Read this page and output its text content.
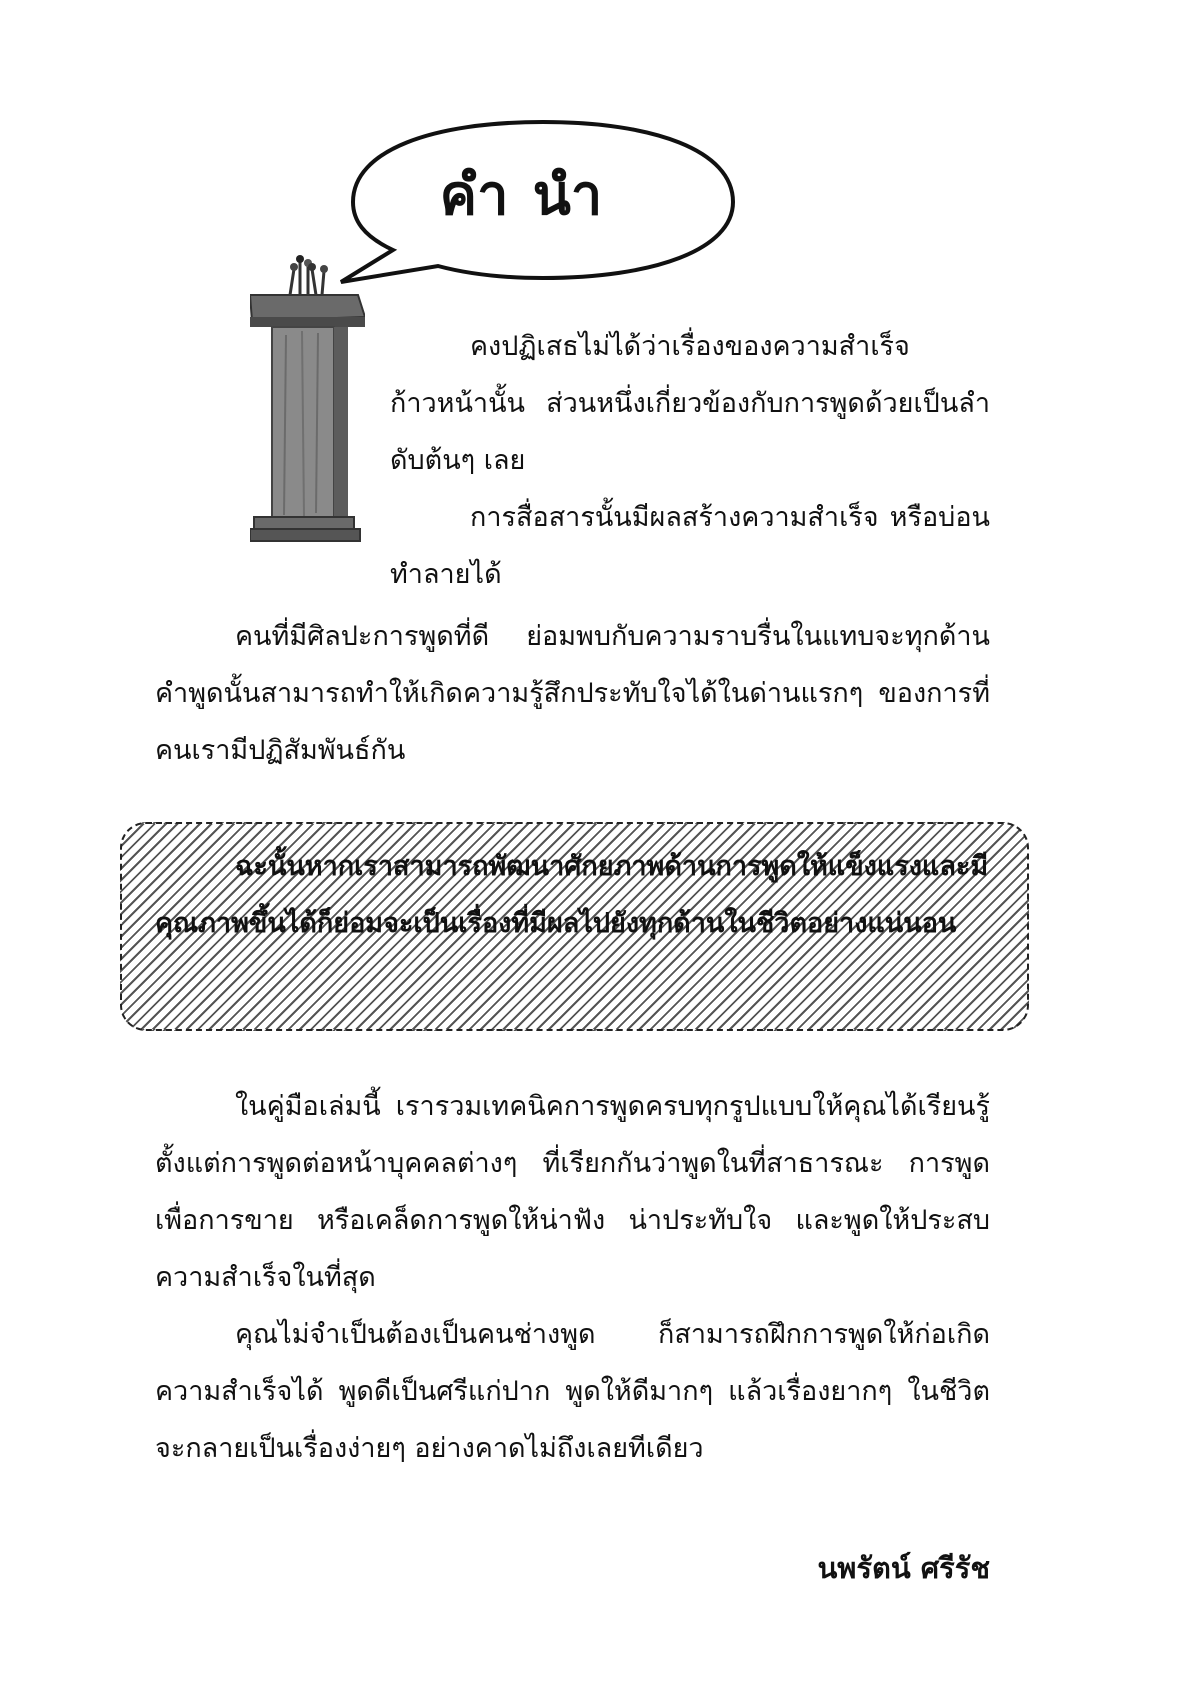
คำนำ

คงปฏิเสธไม่ได้ว่าเรื่องของความสำเร็จก้าวหน้านั้น ส่วนหนึ่งเกี่ยวข้องกับการพูดด้วยเป็นลำดับต้นๆ เลย

การสื่อสารนั้นมีผลสร้างความสำเร็จ หรือบ่อนทำลายได้

คนที่มีศิลปะการพูดที่ดี ย่อมพบกับความราบรื่นในแทบจะทุกด้าน คำพูดนั้นสามารถทำให้เกิดความรู้สึกประทับใจได้ในด่านแรกๆ ของการที่คนเรามีปฏิสัมพันธ์กัน

ฉะนั้นหากเราสามารถพัฒนาศักยภาพด้านการพูดให้แข็งแรงและมีคุณภาพขึ้นได้ก็ย่อมจะเป็นเรื่องที่มีผลไปยังทุกด้านในชีวิตอย่างแน่นอน

ในคู่มือเล่มนี้ เรารวมเทคนิคการพูดครบทุกรูปแบบให้คุณได้เรียนรู้ตั้งแต่การพูดต่อหน้าบุคคลต่างๆ ที่เรียกกันว่าพูดในที่สาธารณะ การพูดเพื่อการขาย หรือเคล็ดการพูดให้น่าฟัง น่าประทับใจ และพูดให้ประสบความสำเร็จในที่สุด

คุณไม่จำเป็นต้องเป็นคนช่างพูด ก็สามารถฝึกการพูดให้ก่อเกิดความสำเร็จได้ พูดดีเป็นศรีแก่ปาก พูดให้ดีมากๆ แล้วเรื่องยากๆ ในชีวิตจะกลายเป็นเรื่องง่ายๆ อย่างคาดไม่ถึงเลยทีเดียว

นพรัตน์ ศรีรัช
